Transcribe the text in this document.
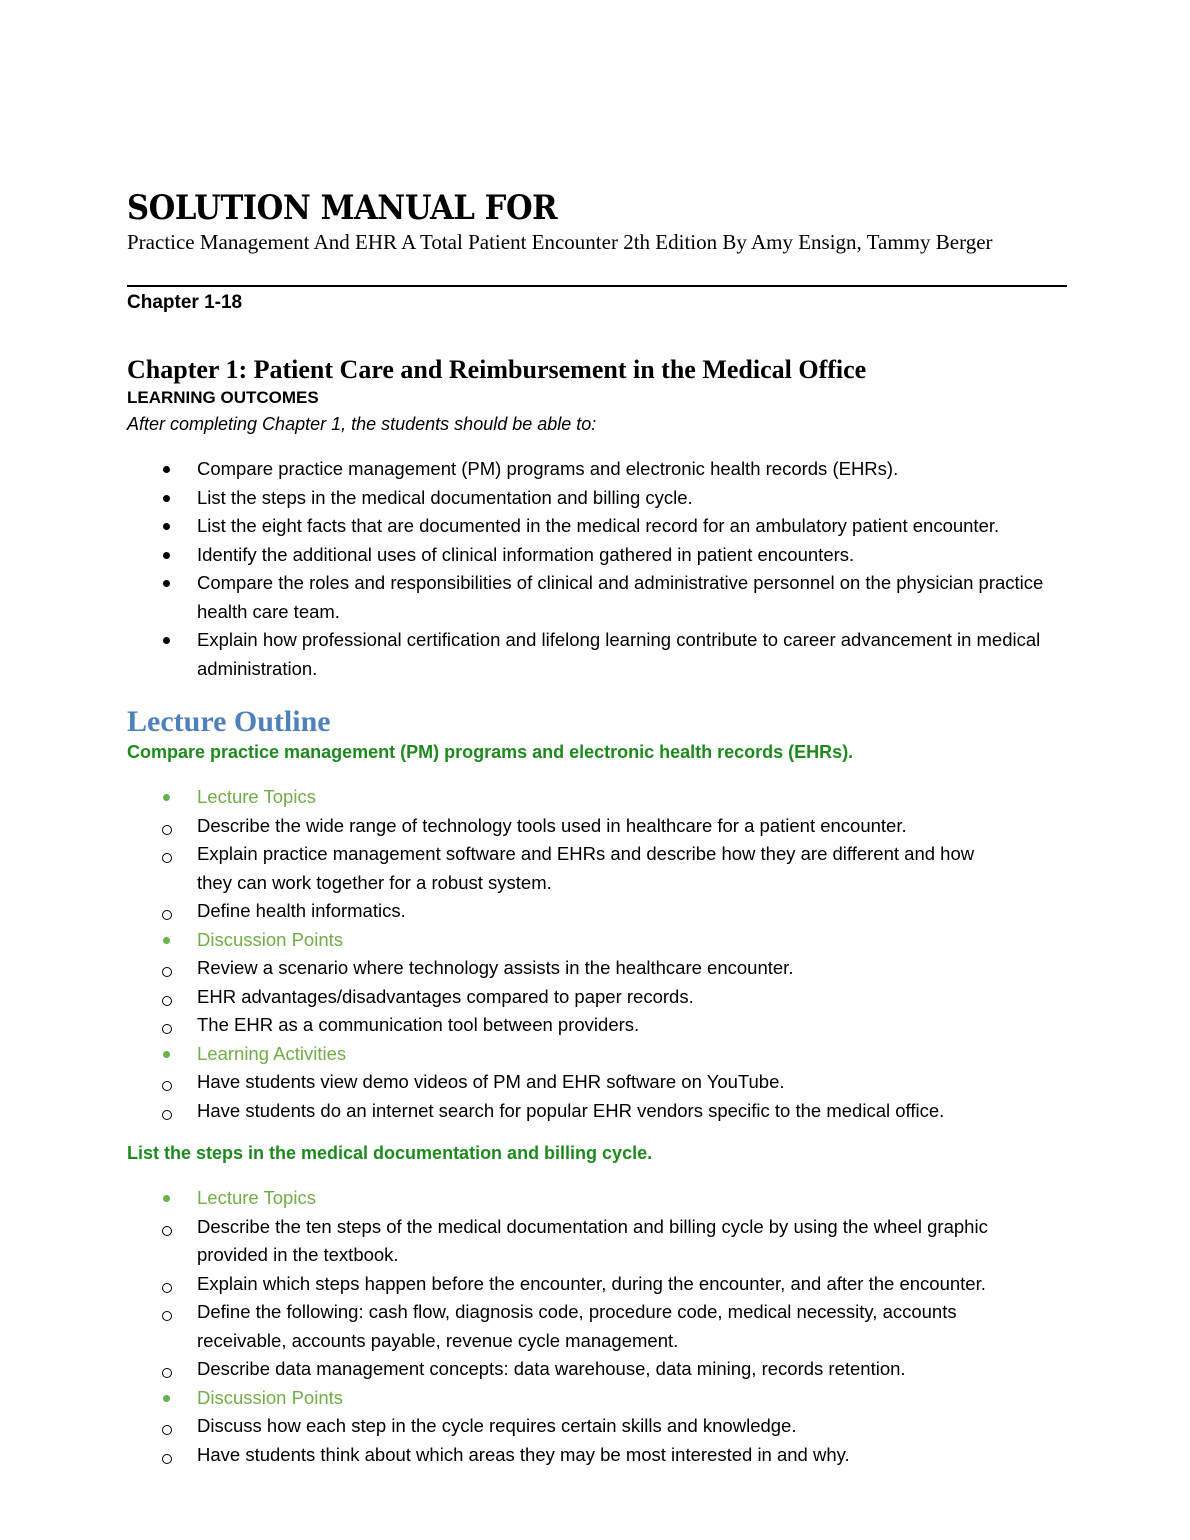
SOLUTION MANUAL FOR
Practice Management And EHR A Total Patient Encounter 2th Edition By Amy Ensign, Tammy Berger
Chapter 1-18
Chapter 1: Patient Care and Reimbursement in the Medical Office
LEARNING OUTCOMES
After completing Chapter 1, the students should be able to:
Compare practice management (PM) programs and electronic health records (EHRs).
List the steps in the medical documentation and billing cycle.
List the eight facts that are documented in the medical record for an ambulatory patient encounter.
Identify the additional uses of clinical information gathered in patient encounters.
Compare the roles and responsibilities of clinical and administrative personnel on the physician practice health care team.
Explain how professional certification and lifelong learning contribute to career advancement in medical administration.
Lecture Outline
Compare practice management (PM) programs and electronic health records (EHRs).
Lecture Topics
Describe the wide range of technology tools used in healthcare for a patient encounter.
Explain practice management software and EHRs and describe how they are different and how they can work together for a robust system.
Define health informatics.
Discussion Points
Review a scenario where technology assists in the healthcare encounter.
EHR advantages/disadvantages compared to paper records.
The EHR as a communication tool between providers.
Learning Activities
Have students view demo videos of PM and EHR software on YouTube.
Have students do an internet search for popular EHR vendors specific to the medical office.
List the steps in the medical documentation and billing cycle.
Lecture Topics
Describe the ten steps of the medical documentation and billing cycle by using the wheel graphic provided in the textbook.
Explain which steps happen before the encounter, during the encounter, and after the encounter.
Define the following: cash flow, diagnosis code, procedure code, medical necessity, accounts receivable, accounts payable, revenue cycle management.
Describe data management concepts: data warehouse, data mining, records retention.
Discussion Points
Discuss how each step in the cycle requires certain skills and knowledge.
Have students think about which areas they may be most interested in and why.
